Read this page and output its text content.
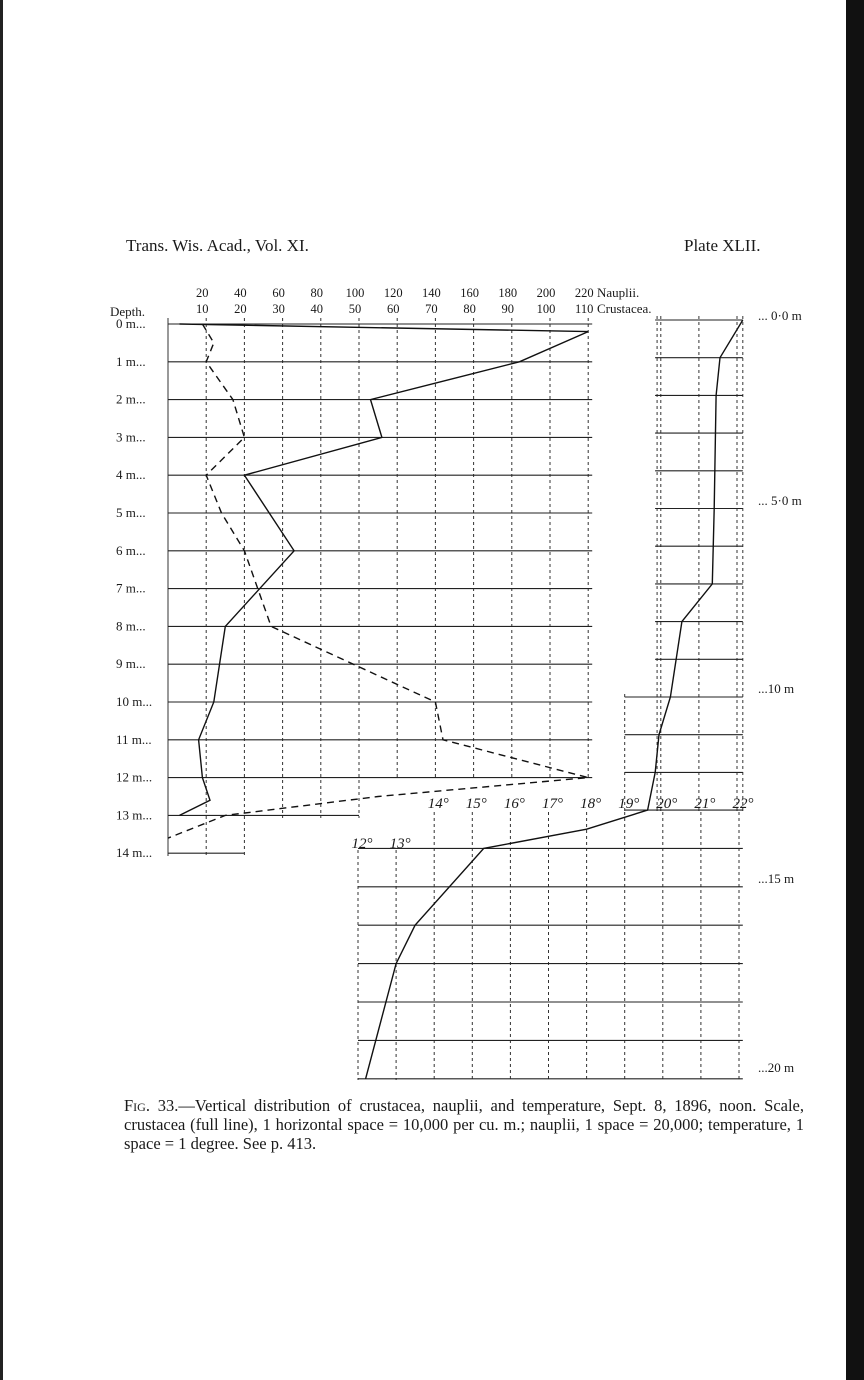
Trans. Wis. Acad., Vol. XI.	Plate XLII.
0 m...
1 m...
2 m...
3 m...
4 m...
5 m...
6 m...
7 m...
8 m...
9 m...
10 m...
11 m...
12 m...
13 m...
14 m...
Depth.
20 40 60 80 100 120 140 160 180 200 220 Nauplii.
10 20 30 40 50 60 70 80 90 100 110 Crustacea.
14° 15° 16° 17° 18° 19° 20° 21° 22°
12° 13°
... 0·0 m
... 5·0 m
...10 m
...15 m
...20 m
Fig. 33.—Vertical distribution of crustacea, nauplii, and temperature, Sept. 8, 1896, noon. Scale, crustacea (full line), 1 horizontal space = 10,000 per cu. m.; nauplii, 1 space = 20,000; temperature, 1 space = 1 degree. See p. 413.
